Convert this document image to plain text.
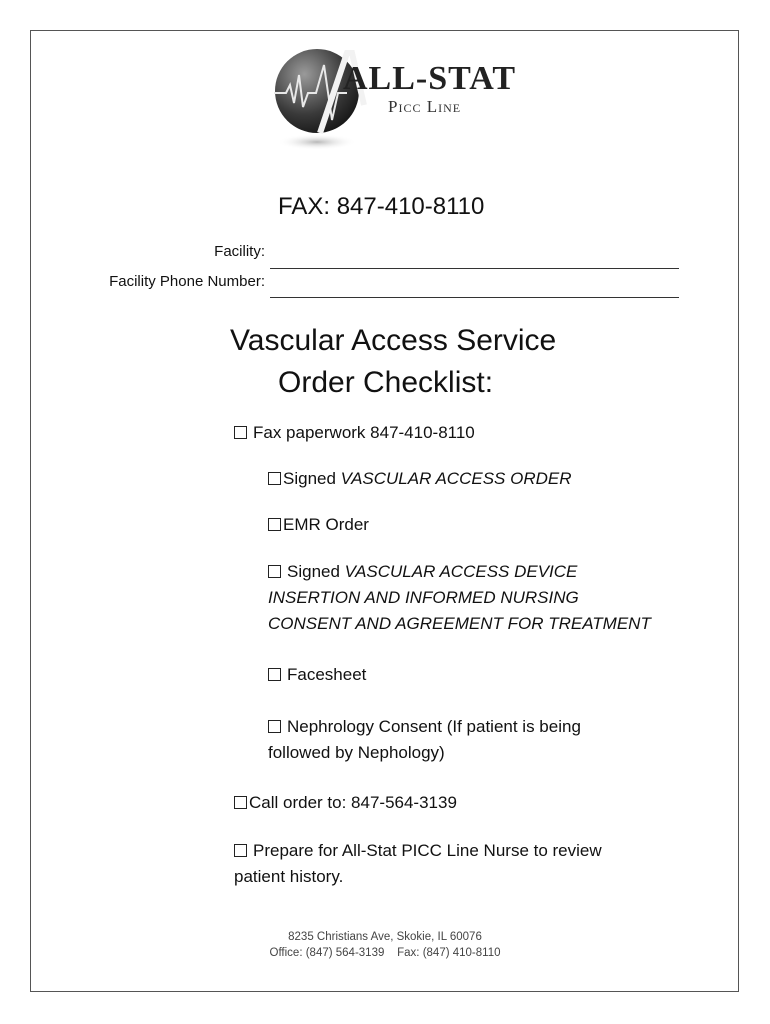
ALL-STAT
Picc Line
FAX: 847-410-8110
Facility:
Facility Phone Number:
Vascular Access Service
Order Checklist:
Fax paperwork 847-410-8110
Signed VASCULAR ACCESS ORDER
EMR Order
Signed VASCULAR ACCESS DEVICE
INSERTION AND INFORMED NURSING
CONSENT AND AGREEMENT FOR TREATMENT
Facesheet
Nephrology Consent (If patient is being
followed by Nephology)
Call order to: 847-564-3139
Prepare for All-Stat PICC Line Nurse to review
patient history.
8235 Christians Ave, Skokie, IL 60076
Office: (847) 564-3139    Fax: (847) 410-8110
